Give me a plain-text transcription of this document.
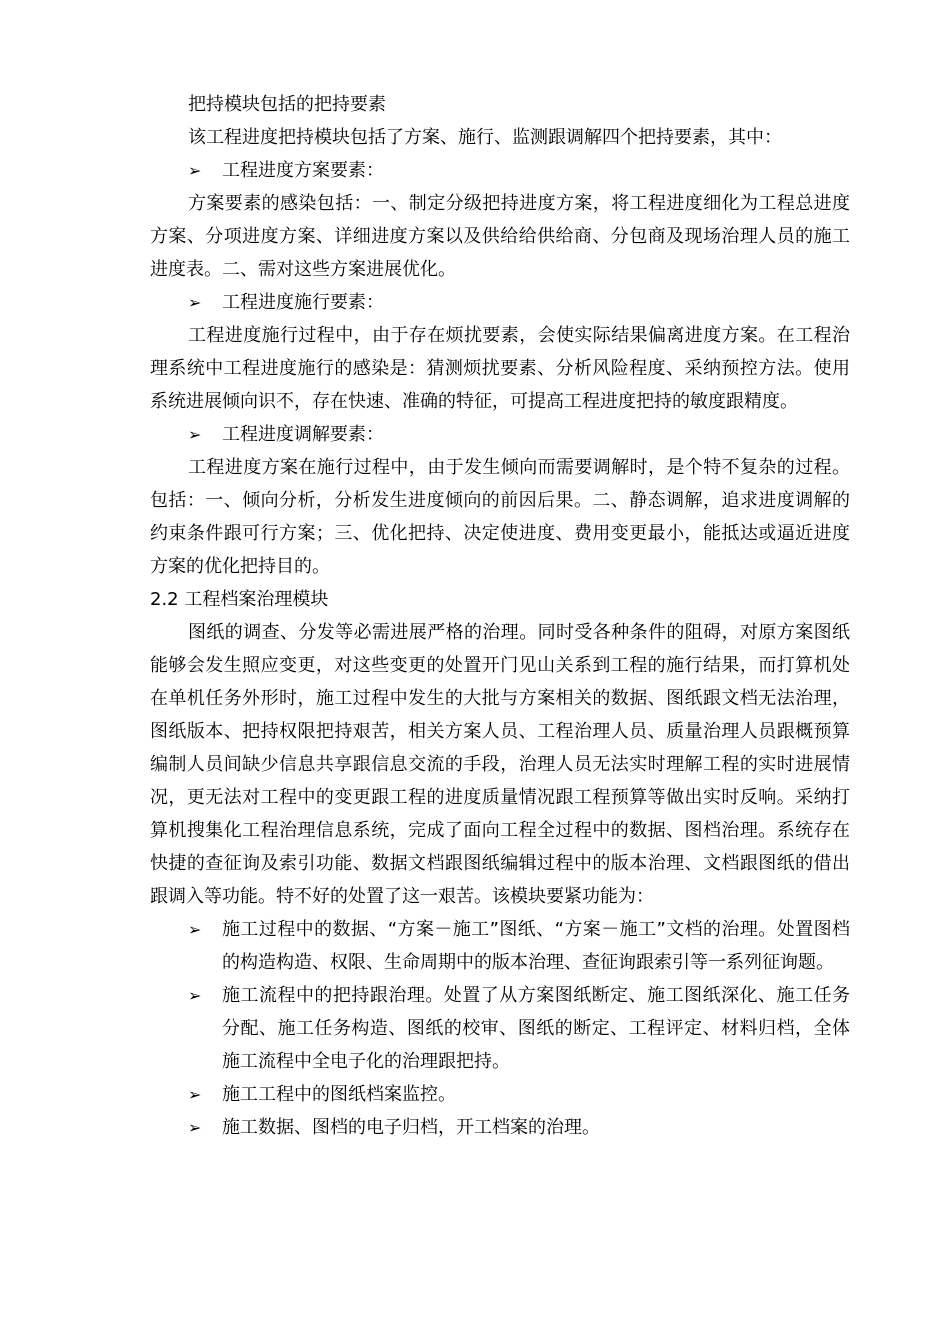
把持模块包括的把持要素

该工程进度把持模块包括了方案、施行、监测跟调解四个把持要素，其中：

➢ 工程进度方案要素：

方案要素的感染包括：一、制定分级把持进度方案，将工程进度细化为工程总进度方案、分项进度方案、详细进度方案以及供给给供给商、分包商及现场治理人员的施工进度表。二、需对这些方案进展优化。

➢ 工程进度施行要素：

工程进度施行过程中，由于存在烦扰要素，会使实际结果偏离进度方案。在工程治理系统中工程进度施行的感染是：猜测烦扰要素、分析风险程度、采纳预控方法。使用系统进展倾向识不，存在快速、准确的特征，可提高工程进度把持的敏度跟精度。

➢ 工程进度调解要素：

工程进度方案在施行过程中，由于发生倾向而需要调解时，是个特不复杂的过程。包括：一、倾向分析，分析发生进度倾向的前因后果。二、静态调解，追求进度调解的约束条件跟可行方案；三、优化把持、决定使进度、费用变更最小，能抵达或逼近进度方案的优化把持目的。

2.2 工程档案治理模块

图纸的调查、分发等必需进展严格的治理。同时受各种条件的阻碍，对原方案图纸能够会发生照应变更，对这些变更的处置开门见山关系到工程的施行结果，而打算机处在单机任务外形时，施工过程中发生的大批与方案相关的数据、图纸跟文档无法治理，图纸版本、把持权限把持艰苦，相关方案人员、工程治理人员、质量治理人员跟概预算编制人员间缺少信息共享跟信息交流的手段，治理人员无法实时理解工程的实时进展情况，更无法对工程中的变更跟工程的进度质量情况跟工程预算等做出实时反响。采纳打算机搜集化工程治理信息系统，完成了面向工程全过程中的数据、图档治理。系统存在快捷的查征询及索引功能、数据文档跟图纸编辑过程中的版本治理、文档跟图纸的借出跟调入等功能。特不好的处置了这一艰苦。该模块要紧功能为：

➢ 施工过程中的数据、“方案－施工”图纸、“方案－施工”文档的治理。处置图档的构造构造、权限、生命周期中的版本治理、查征询跟索引等一系列征询题。

➢ 施工流程中的把持跟治理。处置了从方案图纸断定、施工图纸深化、施工任务分配、施工任务构造、图纸的校审、图纸的断定、工程评定、材料归档，全体施工流程中全电子化的治理跟把持。

➢ 施工工程中的图纸档案监控。

➢ 施工数据、图档的电子归档，开工档案的治理。
